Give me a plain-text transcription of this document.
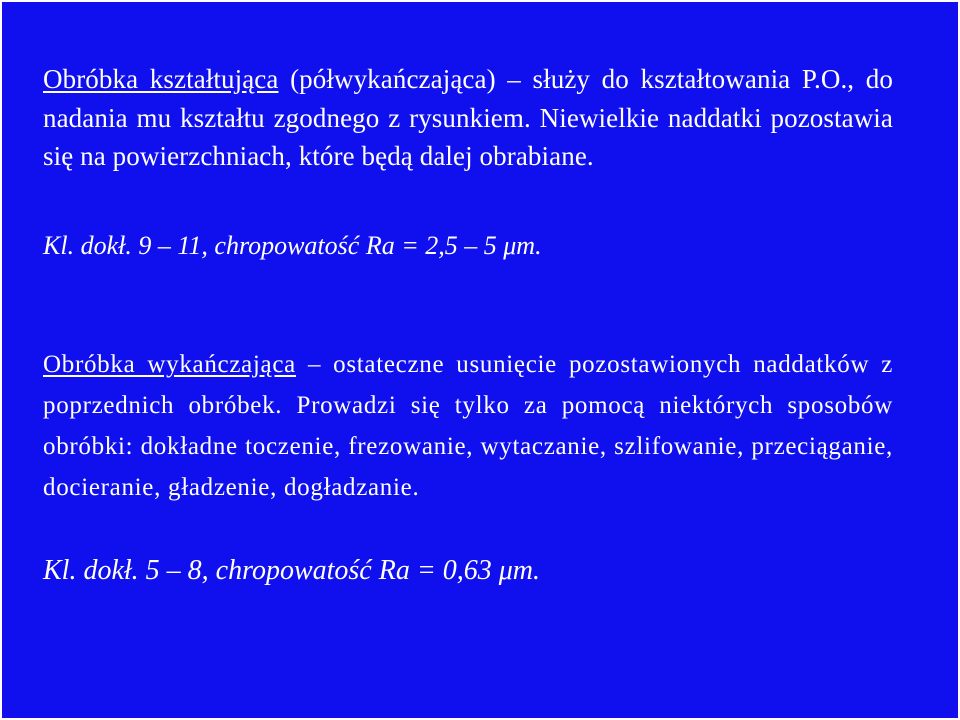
Obróbka kształtująca (półwykańczająca) – służy do kształtowania P.O., do nadania mu kształtu zgodnego z rysunkiem. Niewielkie naddatki pozostawia się na powierzchniach, które będą dalej obrabiane.

Kl. dokł. 9 – 11, chropowatość Ra = 2,5 – 5 μm.

Obróbka wykańczająca – ostateczne usunięcie pozostawionych naddatków z poprzednich obróbek. Prowadzi się tylko za pomocą niektórych sposobów obróbki: dokładne toczenie, frezowanie, wytaczanie, szlifowanie, przeciąganie, docieranie, gładzenie, dogładzanie.

Kl. dokł. 5 – 8, chropowatość Ra = 0,63 μm.
